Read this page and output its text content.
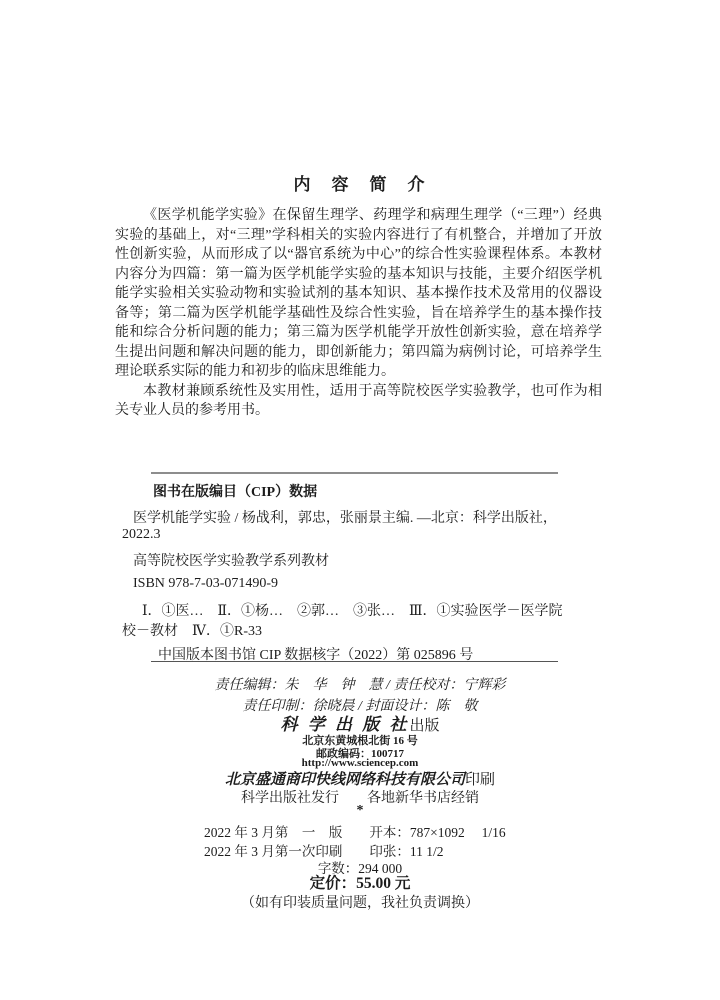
内　容　简　介

《医学机能学实验》在保留生理学、药理学和病理生理学（“三理”）经典实验的基础上，对“三理”学科相关的实验内容进行了有机整合，并增加了开放性创新实验，从而形成了以“器官系统为中心”的综合性实验课程体系。本教材内容分为四篇：第一篇为医学机能学实验的基本知识与技能，主要介绍医学机能学实验相关实验动物和实验试剂的基本知识、基本操作技术及常用的仪器设备等；第二篇为医学机能学基础性及综合性实验，旨在培养学生的基本操作技能和综合分析问题的能力；第三篇为医学机能学开放性创新实验，意在培养学生提出问题和解决问题的能力，即创新能力；第四篇为病例讨论，可培养学生理论联系实际的能力和初步的临床思维能力。

本教材兼顾系统性及实用性，适用于高等院校医学实验教学，也可作为相关专业人员的参考用书。

图书在版编目（CIP）数据
医学机能学实验 / 杨战利，郭忠，张丽景主编. —北京：科学出版社，
2022.3
高等院校医学实验教学系列教材
ISBN 978-7-03-071490-9
Ⅰ．①医…　Ⅱ．①杨…　②郭…　③张…　Ⅲ．①实验医学－医学院
校－教材　Ⅳ．①R-33
中国版本图书馆 CIP 数据核字（2022）第 025896 号
责任编辑：朱　华　钟　慧 / 责任校对：宁辉彩
责任印制：徐晓晨 / 封面设计：陈　敬
科 学 出 版 社出版
北京东黄城根北街 16 号
邮政编码：100717
http://www.sciencep.com
北京盛通商印快线网络科技有限公司印刷
科学出版社发行　　各地新华书店经销
*
2022 年 3 月第　一　版　　开本：787×1092　 1/16
2022 年 3 月第一次印刷　　印张：11 1/2
字数：294 000
定价：55.00 元
（如有印装质量问题，我社负责调换）
